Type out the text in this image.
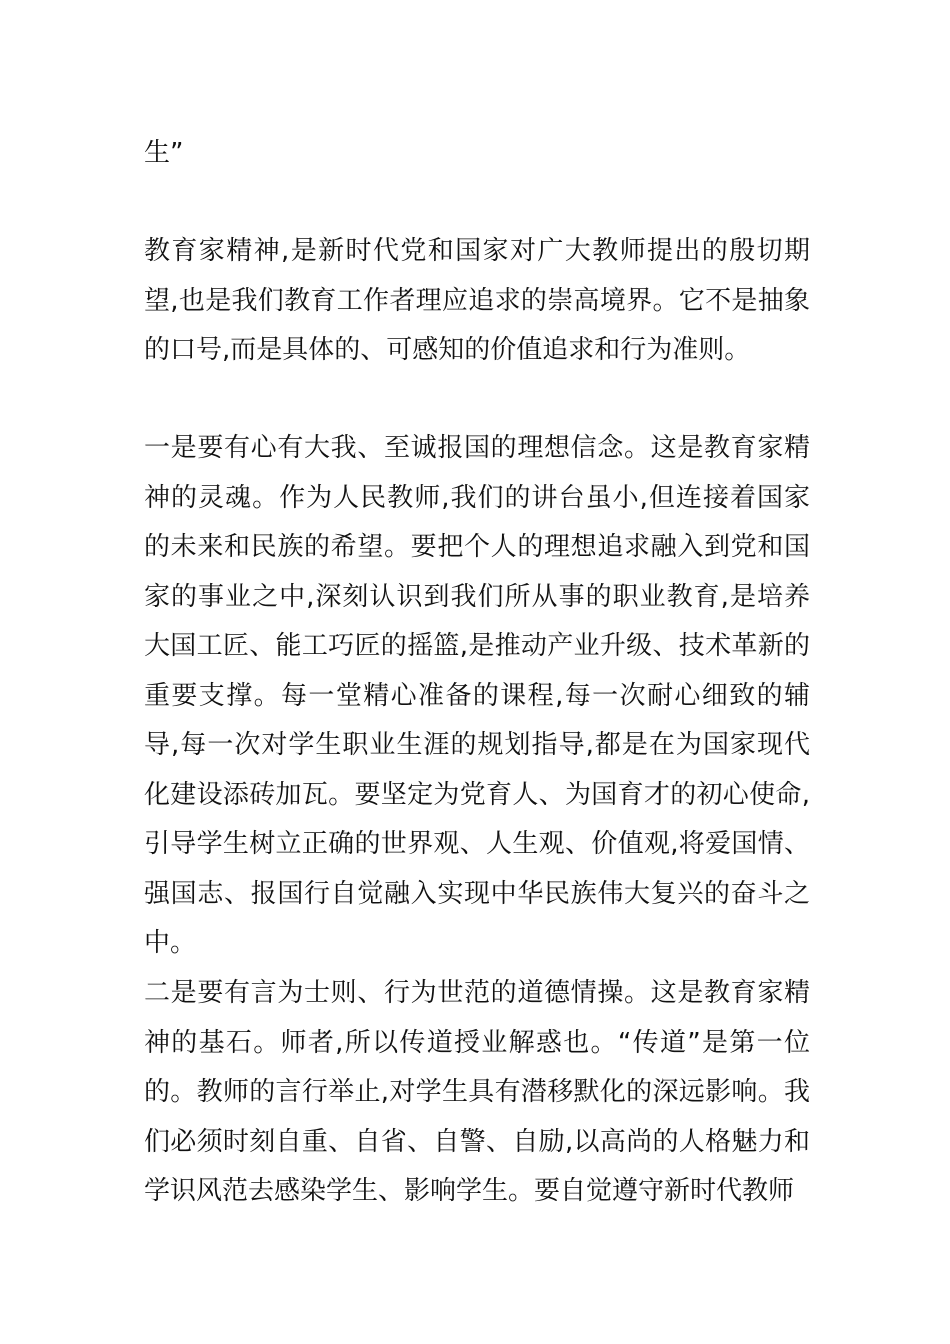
生”

教育家精神,是新时代党和国家对广大教师提出的殷切期望,也是我们教育工作者理应追求的崇高境界。它不是抽象的口号,而是具体的、可感知的价值追求和行为准则。

一是要有心有大我、至诚报国的理想信念。这是教育家精神的灵魂。作为人民教师,我们的讲台虽小,但连接着国家的未来和民族的希望。要把个人的理想追求融入到党和国家的事业之中,深刻认识到我们所从事的职业教育,是培养大国工匠、能工巧匠的摇篮,是推动产业升级、技术革新的重要支撑。每一堂精心准备的课程,每一次耐心细致的辅导,每一次对学生职业生涯的规划指导,都是在为国家现代化建设添砖加瓦。要坚定为党育人、为国育才的初心使命,引导学生树立正确的世界观、人生观、价值观,将爱国情、强国志、报国行自觉融入实现中华民族伟大复兴的奋斗之中。

二是要有言为士则、行为世范的道德情操。这是教育家精神的基石。师者,所以传道授业解惑也。“传道”是第一位的。教师的言行举止,对学生具有潜移默化的深远影响。我们必须时刻自重、自省、自警、自励,以高尚的人格魅力和学识风范去感染学生、影响学生。要自觉遵守新时代教师
